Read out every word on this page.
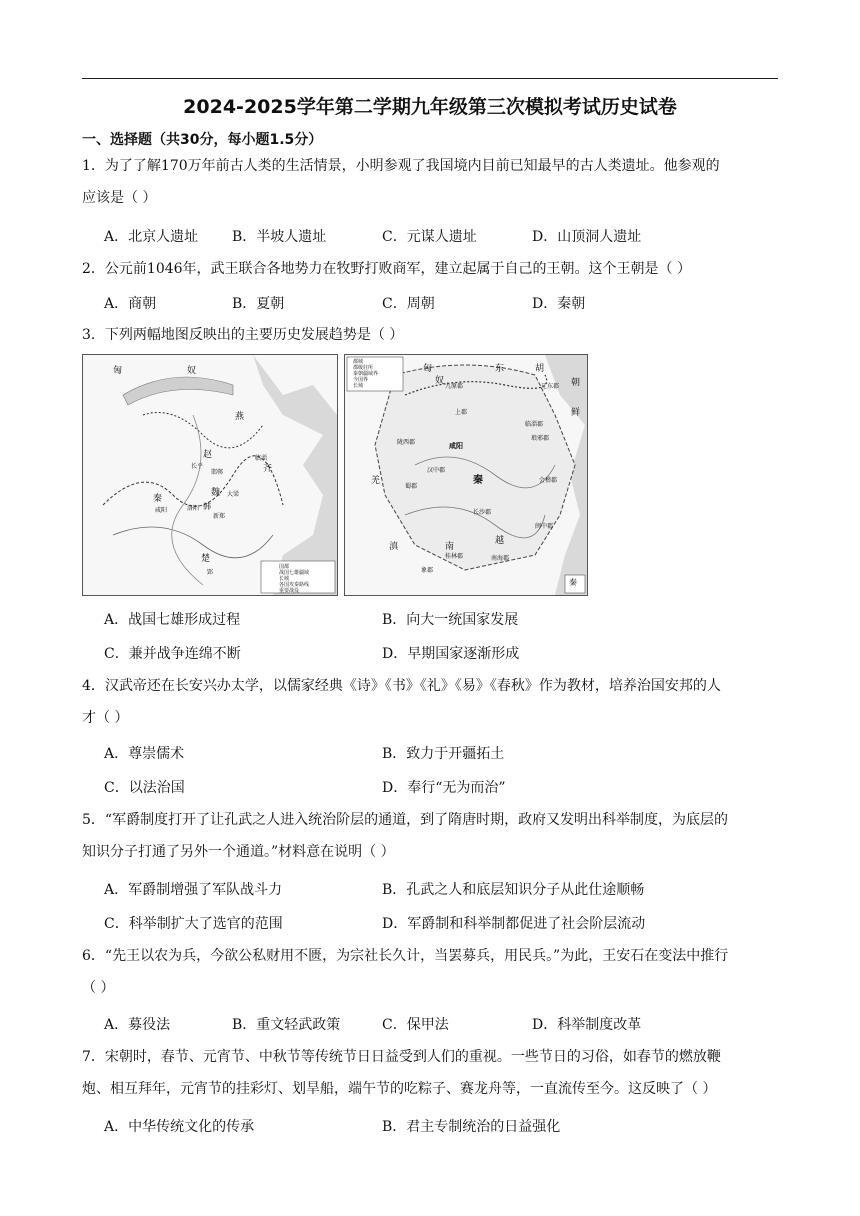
2024-2025学年第二学期九年级第三次模拟考试历史试卷
一、选择题（共30分，每小题1.5分）
1．为了了解170万年前古人类的生活情景，小明参观了我国境内目前已知最早的古人类遗址。他参观的
应该是（ ）
A．北京人遗址 B．半坡人遗址	C．元谋人遗址	D．山顶洞人遗址
2．公元前1046年，武王联合各地势力在牧野打败商军，建立起属于自己的王朝。这个王朝是（ ）
A．商朝	B．夏朝	C．周朝	D．秦朝
3．下列两幅地图反映出的主要历史发展趋势是（ ）
匈	奴
燕
赵
齐
秦
魏
韩
楚
长平
邯郸
临淄
洛阳
大梁
新郑
咸阳
郢
国都
战国七雄疆域
长城
各国攻秦路线
重要战役
都城
郡级驻所
秦朝疆域界
今国界
长城
匈
奴
东	胡
秦
九原郡
上郡
陇西郡	咸阳
临淄郡
琅邪郡
汉中郡
蜀郡
会稽郡
长沙郡
南
越
桂林郡	南海郡
象郡
闽中郡
辽东郡 朝
鲜
羌
滇
秦
A．战国七雄形成过程	B．向大一统国家发展
C．兼并战争连绵不断	D．早期国家逐渐形成
4．汉武帝还在长安兴办太学，以儒家经典《诗》《书》《礼》《易》《春秋》作为教材，培养治国安邦的人
才（ ）
A．尊崇儒术	B．致力于开疆拓土
C．以法治国	D．奉行“无为而治”
5．“军爵制度打开了让孔武之人进入统治阶层的通道，到了隋唐时期，政府又发明出科举制度，为底层的
知识分子打通了另外一个通道。”材料意在说明（ ）
A．军爵制增强了军队战斗力	B．孔武之人和底层知识分子从此仕途顺畅
C．科举制扩大了选官的范围	D．军爵制和科举制都促进了社会阶层流动
6．“先王以农为兵，今欲公私财用不匮，为宗社长久计，当罢募兵，用民兵。”为此，王安石在变法中推行
（ ）
A．募役法	B．重文轻武政策	C．保甲法	D．科举制度改革
7．宋朝时，春节、元宵节、中秋节等传统节日日益受到人们的重视。一些节日的习俗，如春节的燃放鞭
炮、相互拜年，元宵节的挂彩灯、划旱船，端午节的吃粽子、赛龙舟等，一直流传至今。这反映了（ ）
A．中华传统文化的传承	B．君主专制统治的日益强化
